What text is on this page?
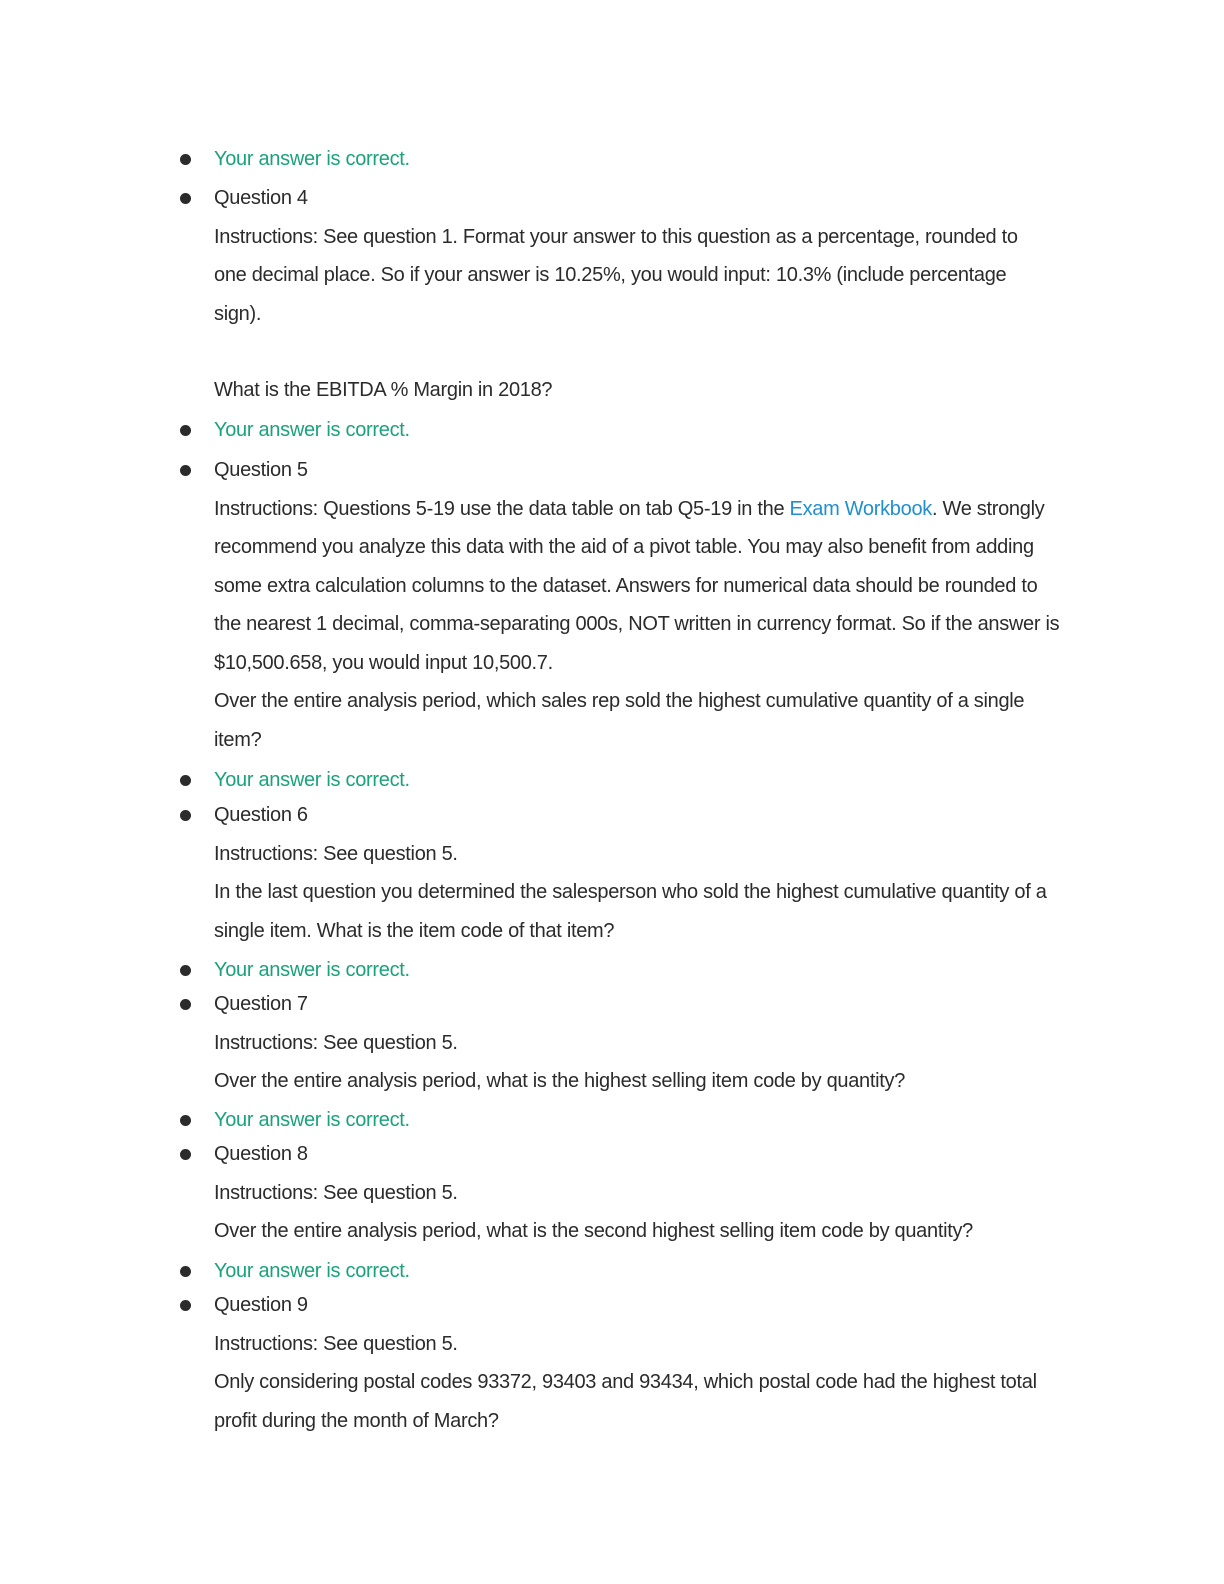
Your answer is correct.
Question 4
Instructions: See question 1. Format your answer to this question as a percentage, rounded to one decimal place. So if your answer is 10.25%, you would input: 10.3% (include percentage sign).
What is the EBITDA % Margin in 2018?
Your answer is correct.
Question 5
Instructions: Questions 5-19 use the data table on tab Q5-19 in the Exam Workbook. We strongly recommend you analyze this data with the aid of a pivot table. You may also benefit from adding some extra calculation columns to the dataset. Answers for numerical data should be rounded to the nearest 1 decimal, comma-separating 000s, NOT written in currency format. So if the answer is $10,500.658, you would input 10,500.7.
Over the entire analysis period, which sales rep sold the highest cumulative quantity of a single item?
Your answer is correct.
Question 6
Instructions: See question 5.
In the last question you determined the salesperson who sold the highest cumulative quantity of a single item. What is the item code of that item?
Your answer is correct.
Question 7
Instructions: See question 5.
Over the entire analysis period, what is the highest selling item code by quantity?
Your answer is correct.
Question 8
Instructions: See question 5.
Over the entire analysis period, what is the second highest selling item code by quantity?
Your answer is correct.
Question 9
Instructions: See question 5.
Only considering postal codes 93372, 93403 and 93434, which postal code had the highest total profit during the month of March?
